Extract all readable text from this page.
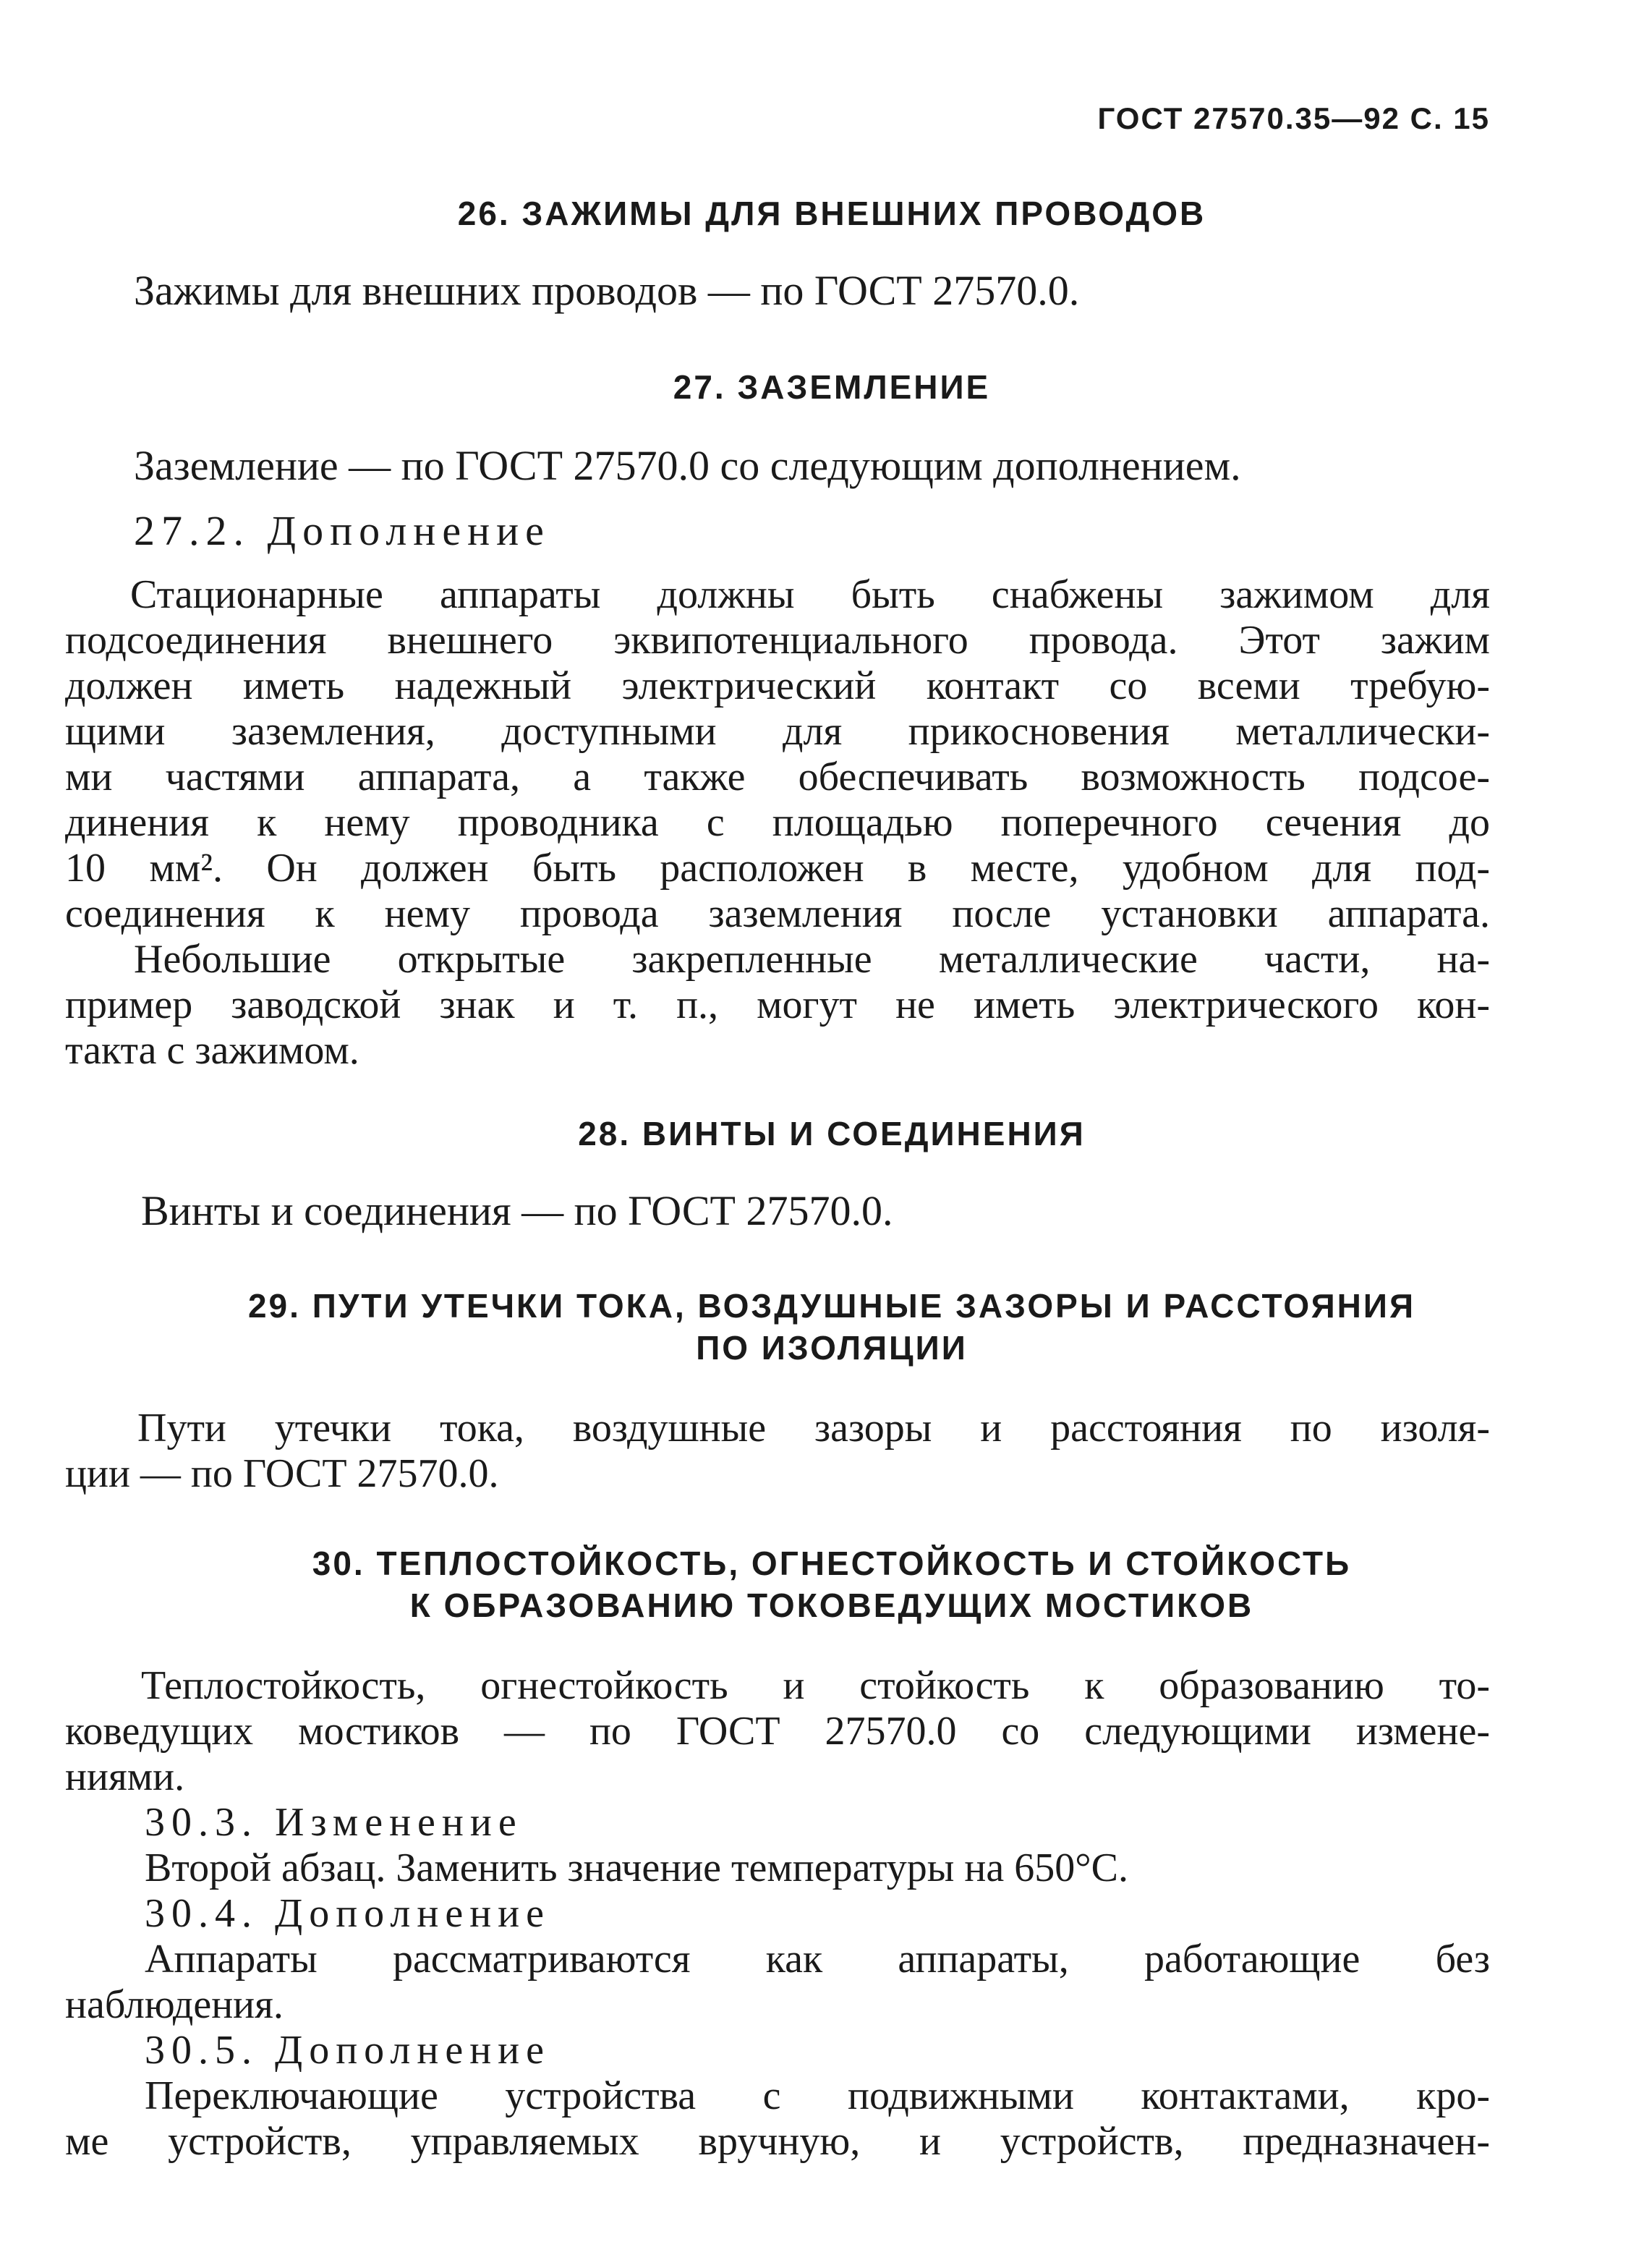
ГОСТ 27570.35—92 С. 15
26. ЗАЖИМЫ ДЛЯ ВНЕШНИХ ПРОВОДОВ
Зажимы для внешних проводов — по ГОСТ 27570.0.
27. ЗАЗЕМЛЕНИЕ
Заземление — по ГОСТ 27570.0 со следующим дополнением.
27.2. Дополнение
Стационарные аппараты должны быть снабжены зажимом для
подсоединения внешнего эквипотенциального провода. Этот зажим
должен иметь надежный электрический контакт со всеми требую-
щими заземления, доступными для прикосновения металлически-
ми частями аппарата, а также обеспечивать возможность подсое-
динения к нему проводника с площадью поперечного сечения до
10 мм². Он должен быть расположен в месте, удобном для под-
соединения к нему провода заземления после установки аппарата.
Небольшие открытые закрепленные металлические части, на-
пример заводской знак и т. п., могут не иметь электрического кон-
такта с зажимом.
28. ВИНТЫ И СОЕДИНЕНИЯ
Винты и соединения — по ГОСТ 27570.0.
29. ПУТИ УТЕЧКИ ТОКА, ВОЗДУШНЫЕ ЗАЗОРЫ И РАССТОЯНИЯ
ПО ИЗОЛЯЦИИ
Пути утечки тока, воздушные зазоры и расстояния по изоля-
ции — по ГОСТ 27570.0.
30. ТЕПЛОСТОЙКОСТЬ, ОГНЕСТОЙКОСТЬ И СТОЙКОСТЬ
К ОБРАЗОВАНИЮ ТОКОВЕДУЩИХ МОСТИКОВ
Теплостойкость, огнестойкость и стойкость к образованию то-
коведущих мостиков — по ГОСТ 27570.0 со следующими измене-
ниями.
30.3. Изменение
Второй абзац. Заменить значение температуры на 650°С.
30.4. Дополнение
Аппараты рассматриваются как аппараты, работающие без
наблюдения.
30.5. Дополнение
Переключающие устройства с подвижными контактами, кро-
ме устройств, управляемых вручную, и устройств, предназначен-
